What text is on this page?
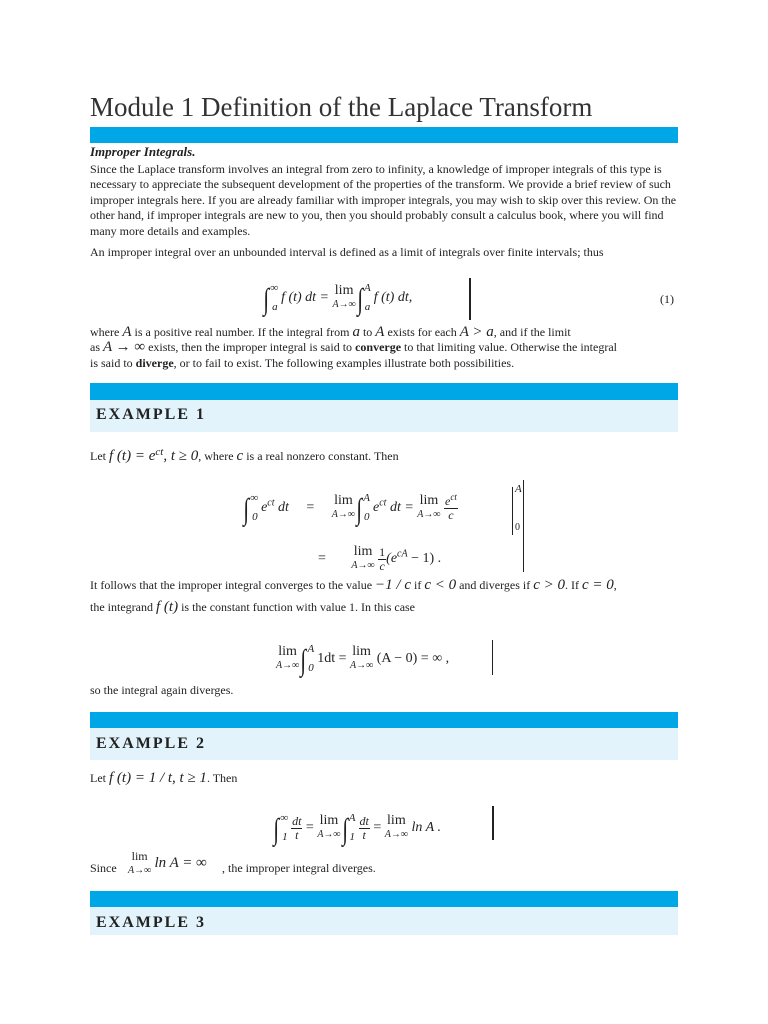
Module 1 Definition of the Laplace Transform
Improper Integrals.
Since the Laplace transform involves an integral from zero to infinity, a knowledge of improper integrals of this type is necessary to appreciate the subsequent development of the properties of the transform. We provide a brief review of such improper integrals here. If you are already familiar with improper integrals, you may wish to skip over this review. On the other hand, if improper integrals are new to you, then you should probably consult a calculus book, where you will find many more details and examples.
An improper integral over an unbounded interval is defined as a limit of integrals over finite intervals; thus
$\int^\infty_a$ f (t) dt = lim
A→∞∫$^A_a$ f (t) dt,	(1)
where A is a positive real number. If the integral from a to A exists for each A > a, and if the limit
as A → ∞ exists, then the improper integral is said to converge to that limiting value. Otherwise the integral
is said to diverge, or to fail to exist. The following examples illustrate both possibilities.
EXAMPLE 1
Let f $(t) = e^{ct}$, t ≥ 0, where c is a real nonzero constant. Then
$\int^\infty_0$ $e^{ct}$ dt = lim
A→∞∫$^A_0$ $e^{ct}$ dt = lim
$A\to\infty \frac{e^{ct}}{c}$
A
0
= lim
$A\to\infty \frac{1}{c}(e^{cA} - 1)$ .
It follows that the improper integral converges to the value −1 / c if c < 0 and diverges if c > 0. If c = 0,
the integrand f (t) is the constant function with value 1. In this case
lim
A→∞∫$^A_0$ 1dt = lim
A→∞ (A − 0) = ∞ ,
so the integral again diverges.
EXAMPLE 2
Let f (t) = 1 / t, t ≥ 1. Then
$\int^\infty_1 \frac{dt}{t} = \lim$
$A\to\infty\int^A_1 \frac{dt}{t} = \lim$
A→∞ ln A .
Since
lim
A→∞ ln A = ∞ , the improper integral diverges.
EXAMPLE 3
